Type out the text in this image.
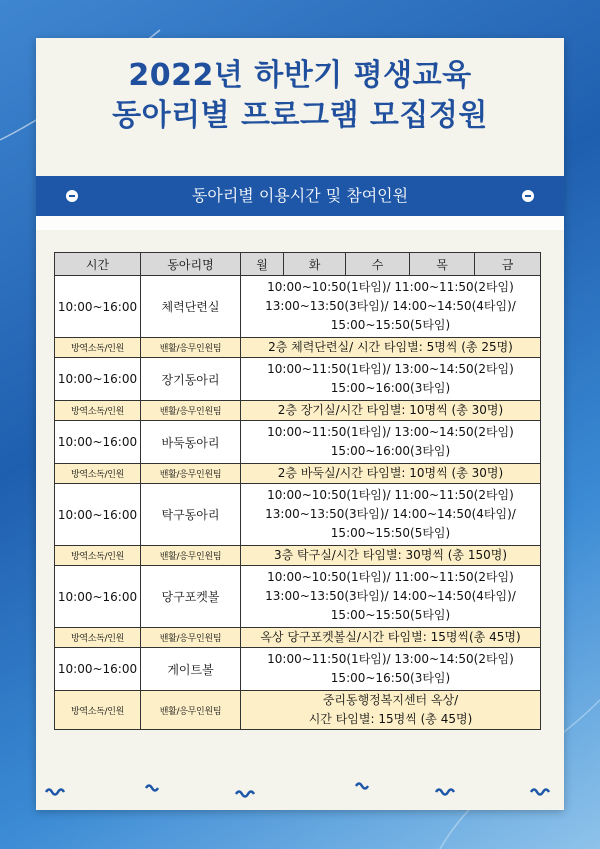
2022년 하반기 평생교육
동아리별 프로그램 모집정원
동아리별 이용시간 및 참여인원
시간	동아리명	월	화	수	목	금
10:00~16:00	체력단련실	10:00~10:50(1타임)/ 11:00~11:50(2타임)
13:00~13:50(3타임)/ 14:00~14:50(4타임)/
15:00~15:50(5타임)				

방역소독/인원	밴활/응무인원팀	2층 체력단련실/ 시간 타임별: 5명씩 (총 25명)				
10:00~16:00	장기동아리	10:00~11:50(1타임)/ 13:00~14:50(2타임)
15:00~16:00(3타임)				

방역소독/인원	밴활/응무인원팀	2층 장기실/시간 타임별: 10명씩 (총 30명)				
10:00~16:00	바둑동아리	10:00~11:50(1타임)/ 13:00~14:50(2타임)
15:00~16:00(3타임)				

방역소독/인원	밴활/응무인원팀	2층 바둑실/시간 타임별: 10명씩 (총 30명)				
10:00~16:00	탁구동아리	10:00~10:50(1타임)/ 11:00~11:50(2타임)
13:00~13:50(3타임)/ 14:00~14:50(4타임)/
15:00~15:50(5타임)				

방역소독/인원	밴활/응무인원팀	3층 탁구실/시간 타임별: 30명씩 (총 150명)				
10:00~16:00	당구포켓볼	10:00~10:50(1타임)/ 11:00~11:50(2타임)
13:00~13:50(3타임)/ 14:00~14:50(4타임)/
15:00~15:50(5타임)				

방역소독/인원	밴활/응무인원팀	옥상 당구포켓볼실/시간 타임별: 15명씩(총 45명)				
10:00~16:00	게이트볼	10:00~11:50(1타임)/ 13:00~14:50(2타임)
15:00~16:50(3타임)				

방역소독/인원	밴활/응무인원팀	중리동행정복지센터 옥상/
시간 타임별: 15명씩 (총 45명)				
